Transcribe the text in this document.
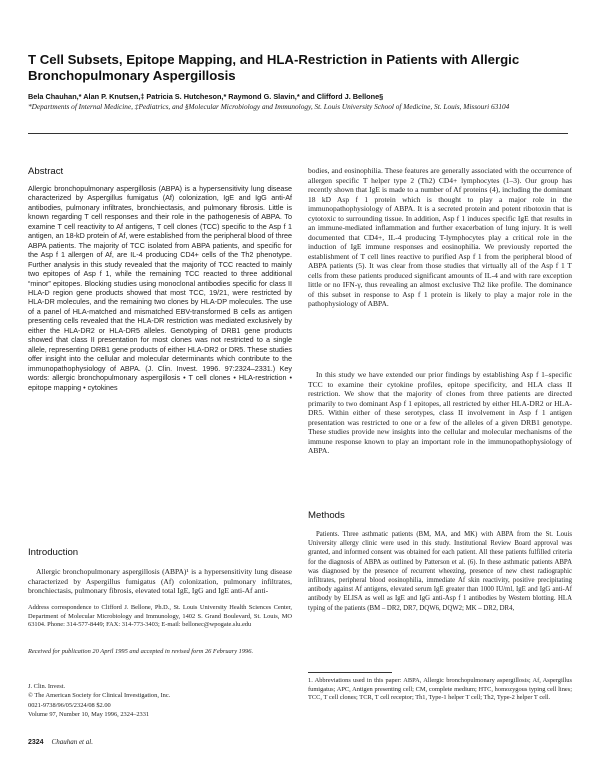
T Cell Subsets, Epitope Mapping, and HLA-Restriction in Patients with Allergic Bronchopulmonary Aspergillosis
Bela Chauhan,* Alan P. Knutsen,‡ Patricia S. Hutcheson,* Raymond G. Slavin,* and Clifford J. Bellone§
*Departments of Internal Medicine, ‡Pediatrics, and §Molecular Microbiology and Immunology, St. Louis University School of Medicine, St. Louis, Missouri 63104
Abstract
Allergic bronchopulmonary aspergillosis (ABPA) is a hypersensitivity lung disease characterized by Aspergillus fumigatus (Af) colonization, IgE and IgG anti-Af antibodies, pulmonary infiltrates, bronchiectasis, and pulmonary fibrosis. Little is known regarding T cell responses and their role in the pathogenesis of ABPA. To examine T cell reactivity to Af antigens, T cell clones (TCC) specific to the Asp f 1 antigen, an 18-kD protein of Af, were established from the peripheral blood of three ABPA patients. The majority of TCC isolated from ABPA patients, and specific for the Asp f 1 allergen of Af, are IL-4 producing CD4+ cells of the Th2 phenotype. Further analysis in this study revealed that the majority of TCC reacted to mainly two epitopes of Asp f 1, while the remaining TCC reacted to three additional “minor” epitopes. Blocking studies using monoclonal antibodies specific for class II HLA-D region gene products showed that most TCC, 19/21, were restricted by HLA-DR molecules, and the remaining two clones by HLA-DP molecules. The use of a panel of HLA-matched and mismatched EBV-transformed B cells as antigen presenting cells revealed that the HLA-DR restriction was mediated exclusively by either the HLA-DR2 or HLA-DR5 alleles. Genotyping of DRB1 gene products showed that class II presentation for most clones was not restricted to a single allele, representing DRB1 gene products of either HLA-DR2 or DR5. These studies offer insight into the cellular and molecular determinants which contribute to the immunopathophysiology of ABPA. (J. Clin. Invest. 1996. 97:2324–2331.) Key words: allergic bronchopulmonary aspergillosis • T cell clones • HLA-restriction • epitope mapping • cytokines
Introduction
Allergic bronchopulmonary aspergillosis (ABPA)¹ is a hypersensitivity lung disease characterized by Aspergillus fumigatus (Af) colonization, pulmonary infiltrates, bronchiectasis, pulmonary fibrosis, elevated total IgE, IgG and IgE anti-Af anti-
Address correspondence to Clifford J. Bellone, Ph.D., St. Louis University Health Sciences Center, Department of Molecular Microbiology and Immunology, 1402 S. Grand Boulevard, St. Louis, MO 63104. Phone: 314-577-8449; FAX: 314-773-3403; E-mail: bellonec@wpogate.slu.edu
Received for publication 20 April 1995 and accepted in revised form 26 February 1996.
J. Clin. Invest.
© The American Society for Clinical Investigation, Inc.
0021-9738/96/05/2324/08 $2.00
Volume 97, Number 10, May 1996, 2324–2331
bodies, and eosinophilia. These features are generally associated with the occurrence of allergen specific T helper type 2 (Th2) CD4+ lymphocytes (1–3). Our group has recently shown that IgE is made to a number of Af proteins (4), including the dominant 18 kD Asp f 1 protein which is thought to play a major role in the immunopathophysiology of ABPA. It is a secreted protein and potent ribotoxin that is cytotoxic to surrounding tissue. In addition, Asp f 1 induces specific IgE that results in an immune-mediated inflammation and further exacerbation of lung injury. It is well documented that CD4+, IL-4 producing T-lymphocytes play a critical role in the induction of IgE immune responses and eosinophilia. We previously reported the establishment of T cell lines reactive to purified Asp f 1 from the peripheral blood of ABPA patients (5). It was clear from those studies that virtually all of the Asp f 1 T cells from these patients produced significant amounts of IL-4 and with rare exception little or no IFN-γ, thus revealing an almost exclusive Th2 like profile. The dominance of this subset in response to Asp f 1 protein is likely to play a major role in the pathophysiology of ABPA.
In this study we have extended our prior findings by establishing Asp f 1–specific TCC to examine their cytokine profiles, epitope specificity, and HLA class II restriction. We show that the majority of clones from three patients are directed primarily to two dominant Asp f 1 epitopes, all restricted by either HLA-DR2 or HLA-DR5. Within either of these serotypes, class II involvement in Asp f 1 antigen presentation was restricted to one or a few of the alleles of a given DRB1 genotype. These studies provide new insights into the cellular and molecular mechanisms of the immune response known to play an important role in the immunopathophysiology of ABPA.
Methods
Patients. Three asthmatic patients (BM, MA, and MK) with ABPA from the St. Louis University allergy clinic were used in this study. Institutional Review Board approval was granted, and informed consent was obtained for each patient. All these patients fulfilled criteria for the diagnosis of ABPA as outlined by Patterson et al. (6). In these asthmatic patients ABPA was diagnosed by the presence of recurrent wheezing, presence of new chest radiographic infiltrates, peripheral blood eosinophilia, immediate Af skin reactivity, positive precipitating antibody against Af antigens, elevated serum IgE greater than 1000 IU/ml, IgE and IgG anti-Af antibody by ELISA as well as IgE and IgG anti-Asp f 1 antibodies by Western blotting. HLA typing of the patients (BM – DR2, DR7, DQW6, DQW2; MK – DR2, DR4,
1. Abbreviations used in this paper: ABPA, Allergic bronchopulmonary aspergillosis; Af, Aspergillus fumigatus; APC, Antigen presenting cell; CM, complete medium; HTC, homozygous typing cell lines; TCC, T cell clones; TCR, T cell receptor; Th1, Type-1 helper T cell; Th2, Type-2 helper T cell.
2324 Chauhan et al.
